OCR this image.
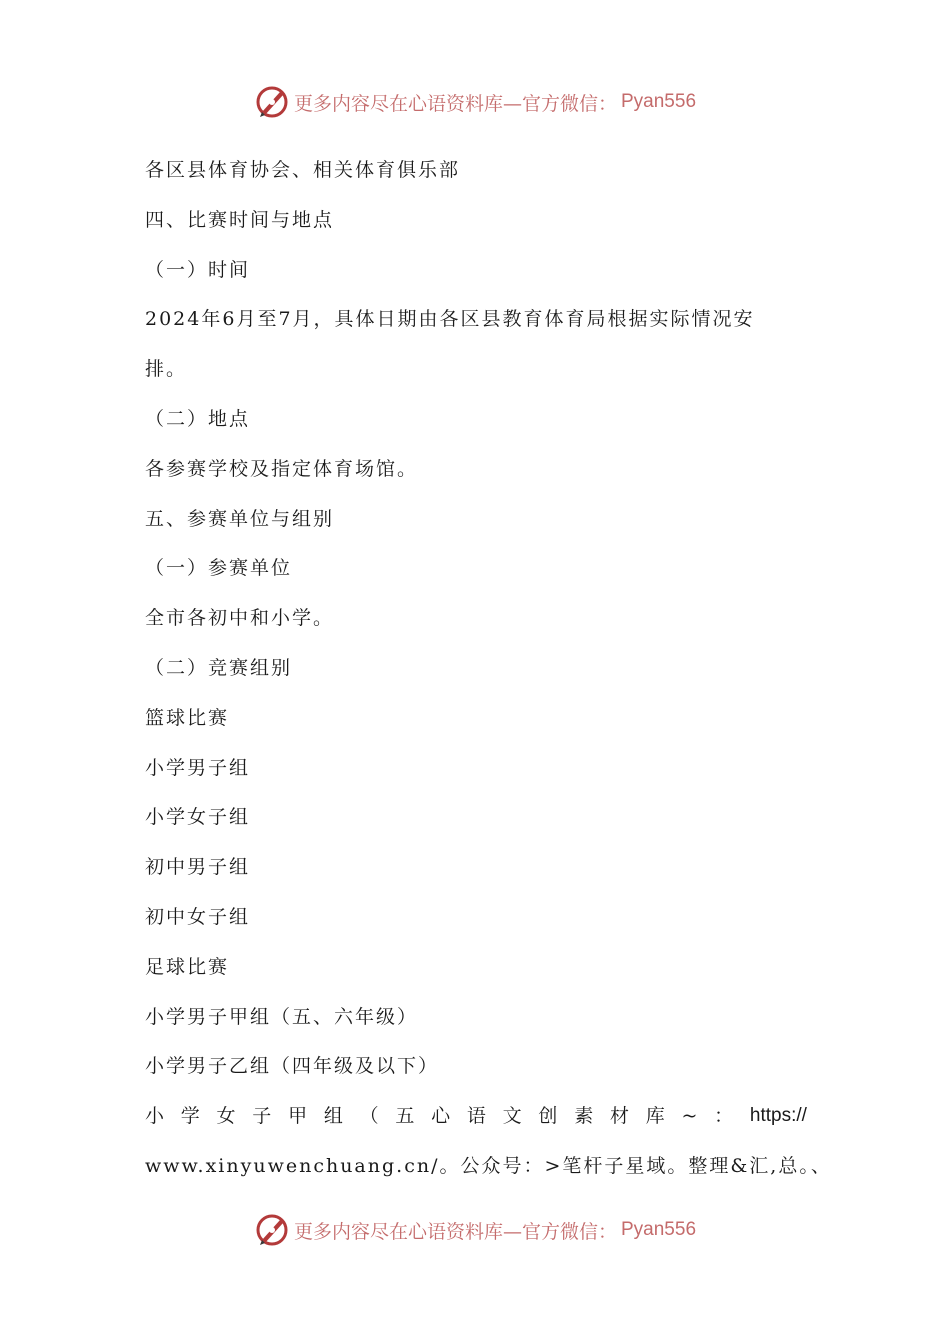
更多内容尽在心语资料库—官方微信： Pyan556
各区县体育协会、相关体育俱乐部
四、比赛时间与地点
（一）时间
2024年6月至7月，具体日期由各区县教育体育局根据实际情况安
排。
（二）地点
各参赛学校及指定体育场馆。
五、参赛单位与组别
（一）参赛单位
全市各初中和小学。
（二）竞赛组别
篮球比赛
小学男子组
小学女子组
初中男子组
初中女子组
足球比赛
小学男子甲组（五、六年级）
小学男子乙组（四年级及以下）
小 学 女 子 甲 组 （ 五 心 语 文 创 素 材 库 ~ ： https://
www.xinyuwenchuang.cn/。公众号：>笔杆子星域。整理&汇,总。、
更多内容尽在心语资料库—官方微信： Pyan556
